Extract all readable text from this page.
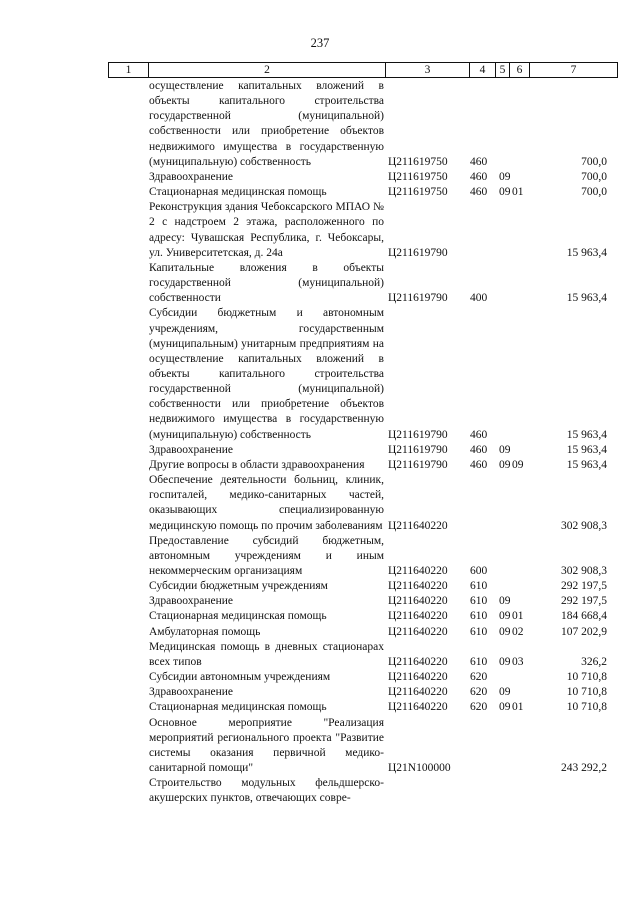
237
1	2	3	4	5 6	7
осуществление капитальных вложений в объекты капитального строительства государственной (муниципальной) собственности или приобретение объектов недвижимого имущества в государственную (муниципальную) собственность	Ц211619750 460	700,0
Здравоохранение	Ц211619750 460 09	700,0
Стационарная медицинская помощь	Ц211619750 460 09 01	700,0
Реконструкция здания Чебоксарского МПАО № 2 с надстроем 2 этажа, расположенного по адресу: Чувашская Республика, г. Чебоксары, ул. Университетская, д. 24а	Ц211619790	15 963,4
Капитальные вложения в объекты государственной (муниципальной) собственности	Ц211619790 400	15 963,4
Субсидии бюджетным и автономным учреждениям, государственным (муниципальным) унитарным предприятиям на осуществление капитальных вложений в объекты капитального строительства государственной (муниципальной) собственности или приобретение объектов недвижимого имущества в государственную (муниципальную) собственность	Ц211619790 460	15 963,4
Здравоохранение	Ц211619790 460 09	15 963,4
Другие вопросы в области здравоохранения	Ц211619790 460 09 09	15 963,4
Обеспечение деятельности больниц, клиник, госпиталей, медико-санитарных частей, оказывающих специализированную медицинскую помощь по прочим заболеваниям Ц211640220	302 908,3
Предоставление субсидий бюджетным, автономным учреждениям и иным некоммерческим организациям	Ц211640220 600	302 908,3
Субсидии бюджетным учреждениям	Ц211640220 610	292 197,5
Здравоохранение	Ц211640220 610 09	292 197,5
Стационарная медицинская помощь	Ц211640220 610 09 01	184 668,4
Амбулаторная помощь	Ц211640220 610 09 02	107 202,9
Медицинская помощь в дневных стационарах всех типов	Ц211640220 610 09 03	326,2
Субсидии автономным учреждениям	Ц211640220 620	10 710,8
Здравоохранение	Ц211640220 620 09	10 710,8
Стационарная медицинская помощь	Ц211640220 620 09 01	10 710,8
Основное мероприятие "Реализация мероприятий регионального проекта "Развитие системы оказания первичной медико-санитарной помощи"	Ц21N100000	243 292,2
Строительство модульных фельдшерско-акушерских пунктов, отвечающих совре-
